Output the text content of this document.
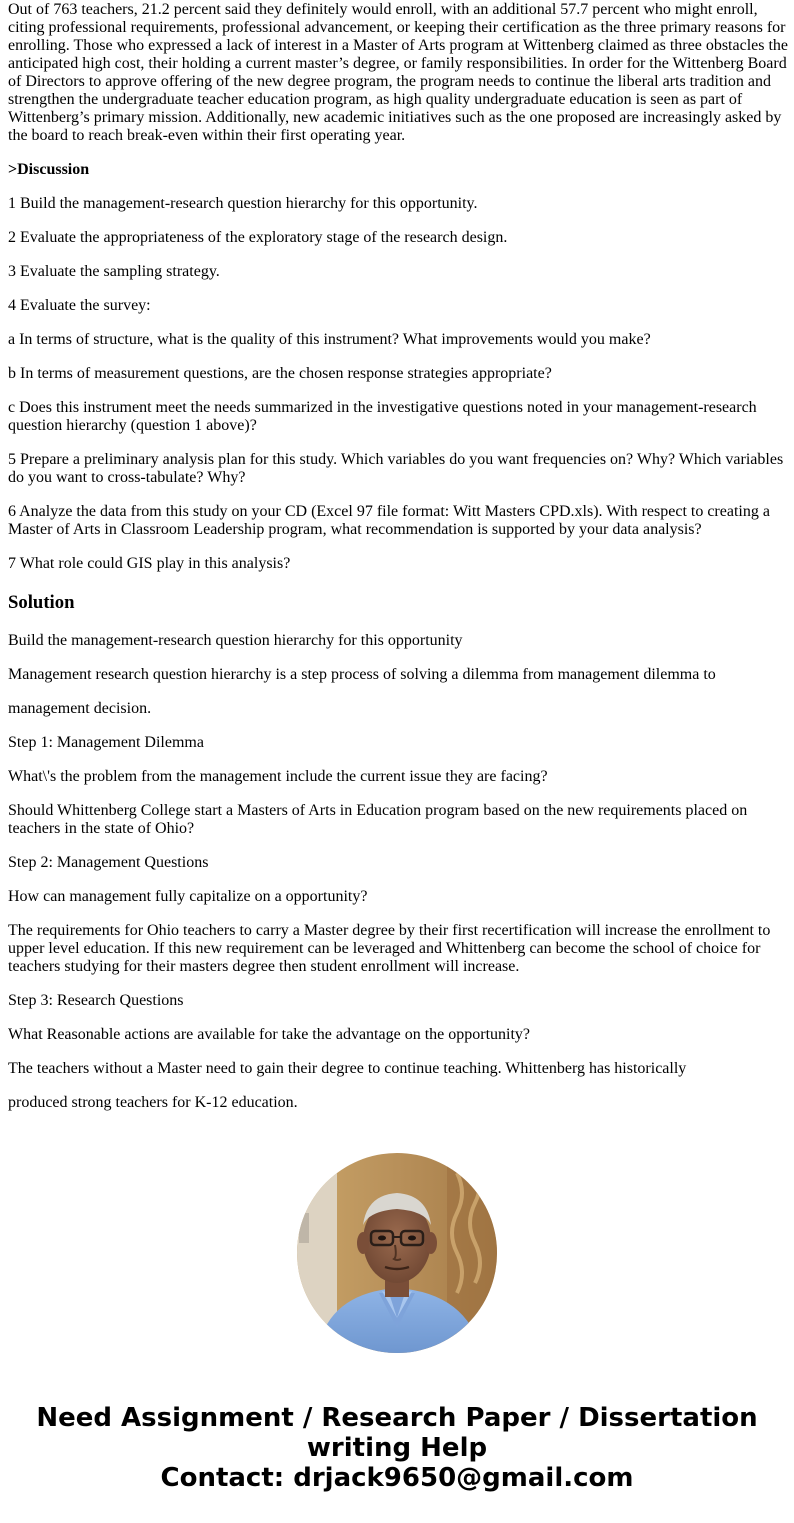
Out of 763 teachers, 21.2 percent said they definitely would enroll, with an additional 57.7 percent who might enroll, citing professional requirements, professional advancement, or keeping their certification as the three primary reasons for enrolling. Those who expressed a lack of interest in a Master of Arts program at Wittenberg claimed as three obstacles the anticipated high cost, their holding a current master’s degree, or family responsibilities. In order for the Wittenberg Board of Directors to approve offering of the new degree program, the program needs to continue the liberal arts tradition and strengthen the undergraduate teacher education program, as high quality undergraduate education is seen as part of Wittenberg’s primary mission. Additionally, new academic initiatives such as the one proposed are increasingly asked by the board to reach break-even within their first operating year.

>Discussion

1 Build the management-research question hierarchy for this opportunity.

2 Evaluate the appropriateness of the exploratory stage of the research design.

3 Evaluate the sampling strategy.

4 Evaluate the survey:

a In terms of structure, what is the quality of this instrument? What improvements would you make?

b In terms of measurement questions, are the chosen response strategies appropriate?

c Does this instrument meet the needs summarized in the investigative questions noted in your management-research question hierarchy (question 1 above)?

5 Prepare a preliminary analysis plan for this study. Which variables do you want frequencies on? Why? Which variables do you want to cross-tabulate? Why?

6 Analyze the data from this study on your CD (Excel 97 file format: Witt Masters CPD.xls). With respect to creating a Master of Arts in Classroom Leadership program, what recommendation is supported by your data analysis?

7 What role could GIS play in this analysis?

Solution

Build the management-research question hierarchy for this opportunity

Management research question hierarchy is a step process of solving a dilemma from management dilemma to

management decision.

Step 1: Management Dilemma

What\'s the problem from the management include the current issue they are facing?

Should Whittenberg College start a Masters of Arts in Education program based on the new requirements placed on teachers in the state of Ohio?

Step 2: Management Questions

How can management fully capitalize on a opportunity?

The requirements for Ohio teachers to carry a Master degree by their first recertification will increase the enrollment to upper level education. If this new requirement can be leveraged and Whittenberg can become the school of choice for teachers studying for their masters degree then student enrollment will increase.

Step 3: Research Questions

What Reasonable actions are available for take the advantage on the opportunity?

The teachers without a Master need to gain their degree to continue teaching. Whittenberg has historically

produced strong teachers for K-12 education.

Need Assignment / Research Paper / Dissertation
writing Help
Contact: drjack9650@gmail.com
